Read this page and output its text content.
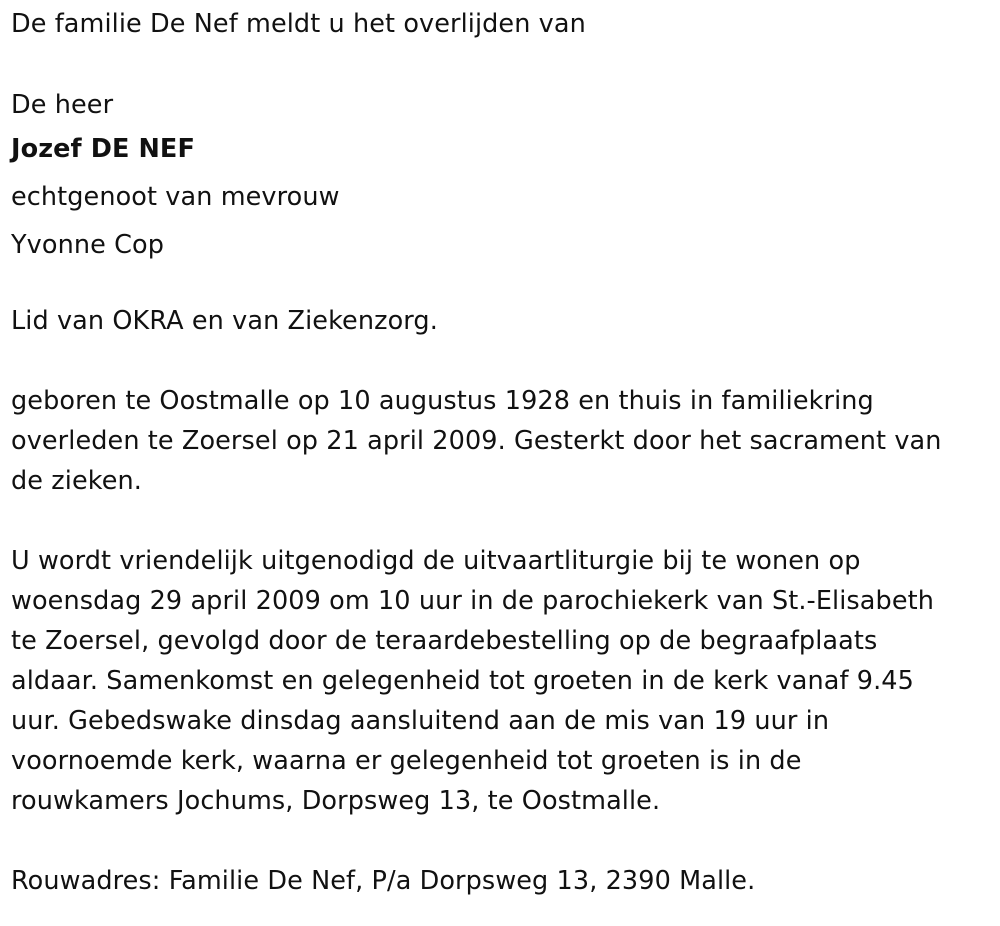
De familie De Nef meldt u het overlijden van
De heer
Jozef DE NEF
echtgenoot van mevrouw
Yvonne Cop
Lid van OKRA en van Ziekenzorg.
geboren te Oostmalle op 10 augustus 1928 en thuis in familiekring
overleden te Zoersel op 21 april 2009. Gesterkt door het sacrament van
de zieken.
U wordt vriendelijk uitgenodigd de uitvaartliturgie bij te wonen op
woensdag 29 april 2009 om 10 uur in de parochiekerk van St.-Elisabeth
te Zoersel, gevolgd door de teraardebestelling op de begraafplaats
aldaar. Samenkomst en gelegenheid tot groeten in de kerk vanaf 9.45
uur. Gebedswake dinsdag aansluitend aan de mis van 19 uur in
voornoemde kerk, waarna er gelegenheid tot groeten is in de
rouwkamers Jochums, Dorpsweg 13, te Oostmalle.
Rouwadres: Familie De Nef, P/a Dorpsweg 13, 2390 Malle.
